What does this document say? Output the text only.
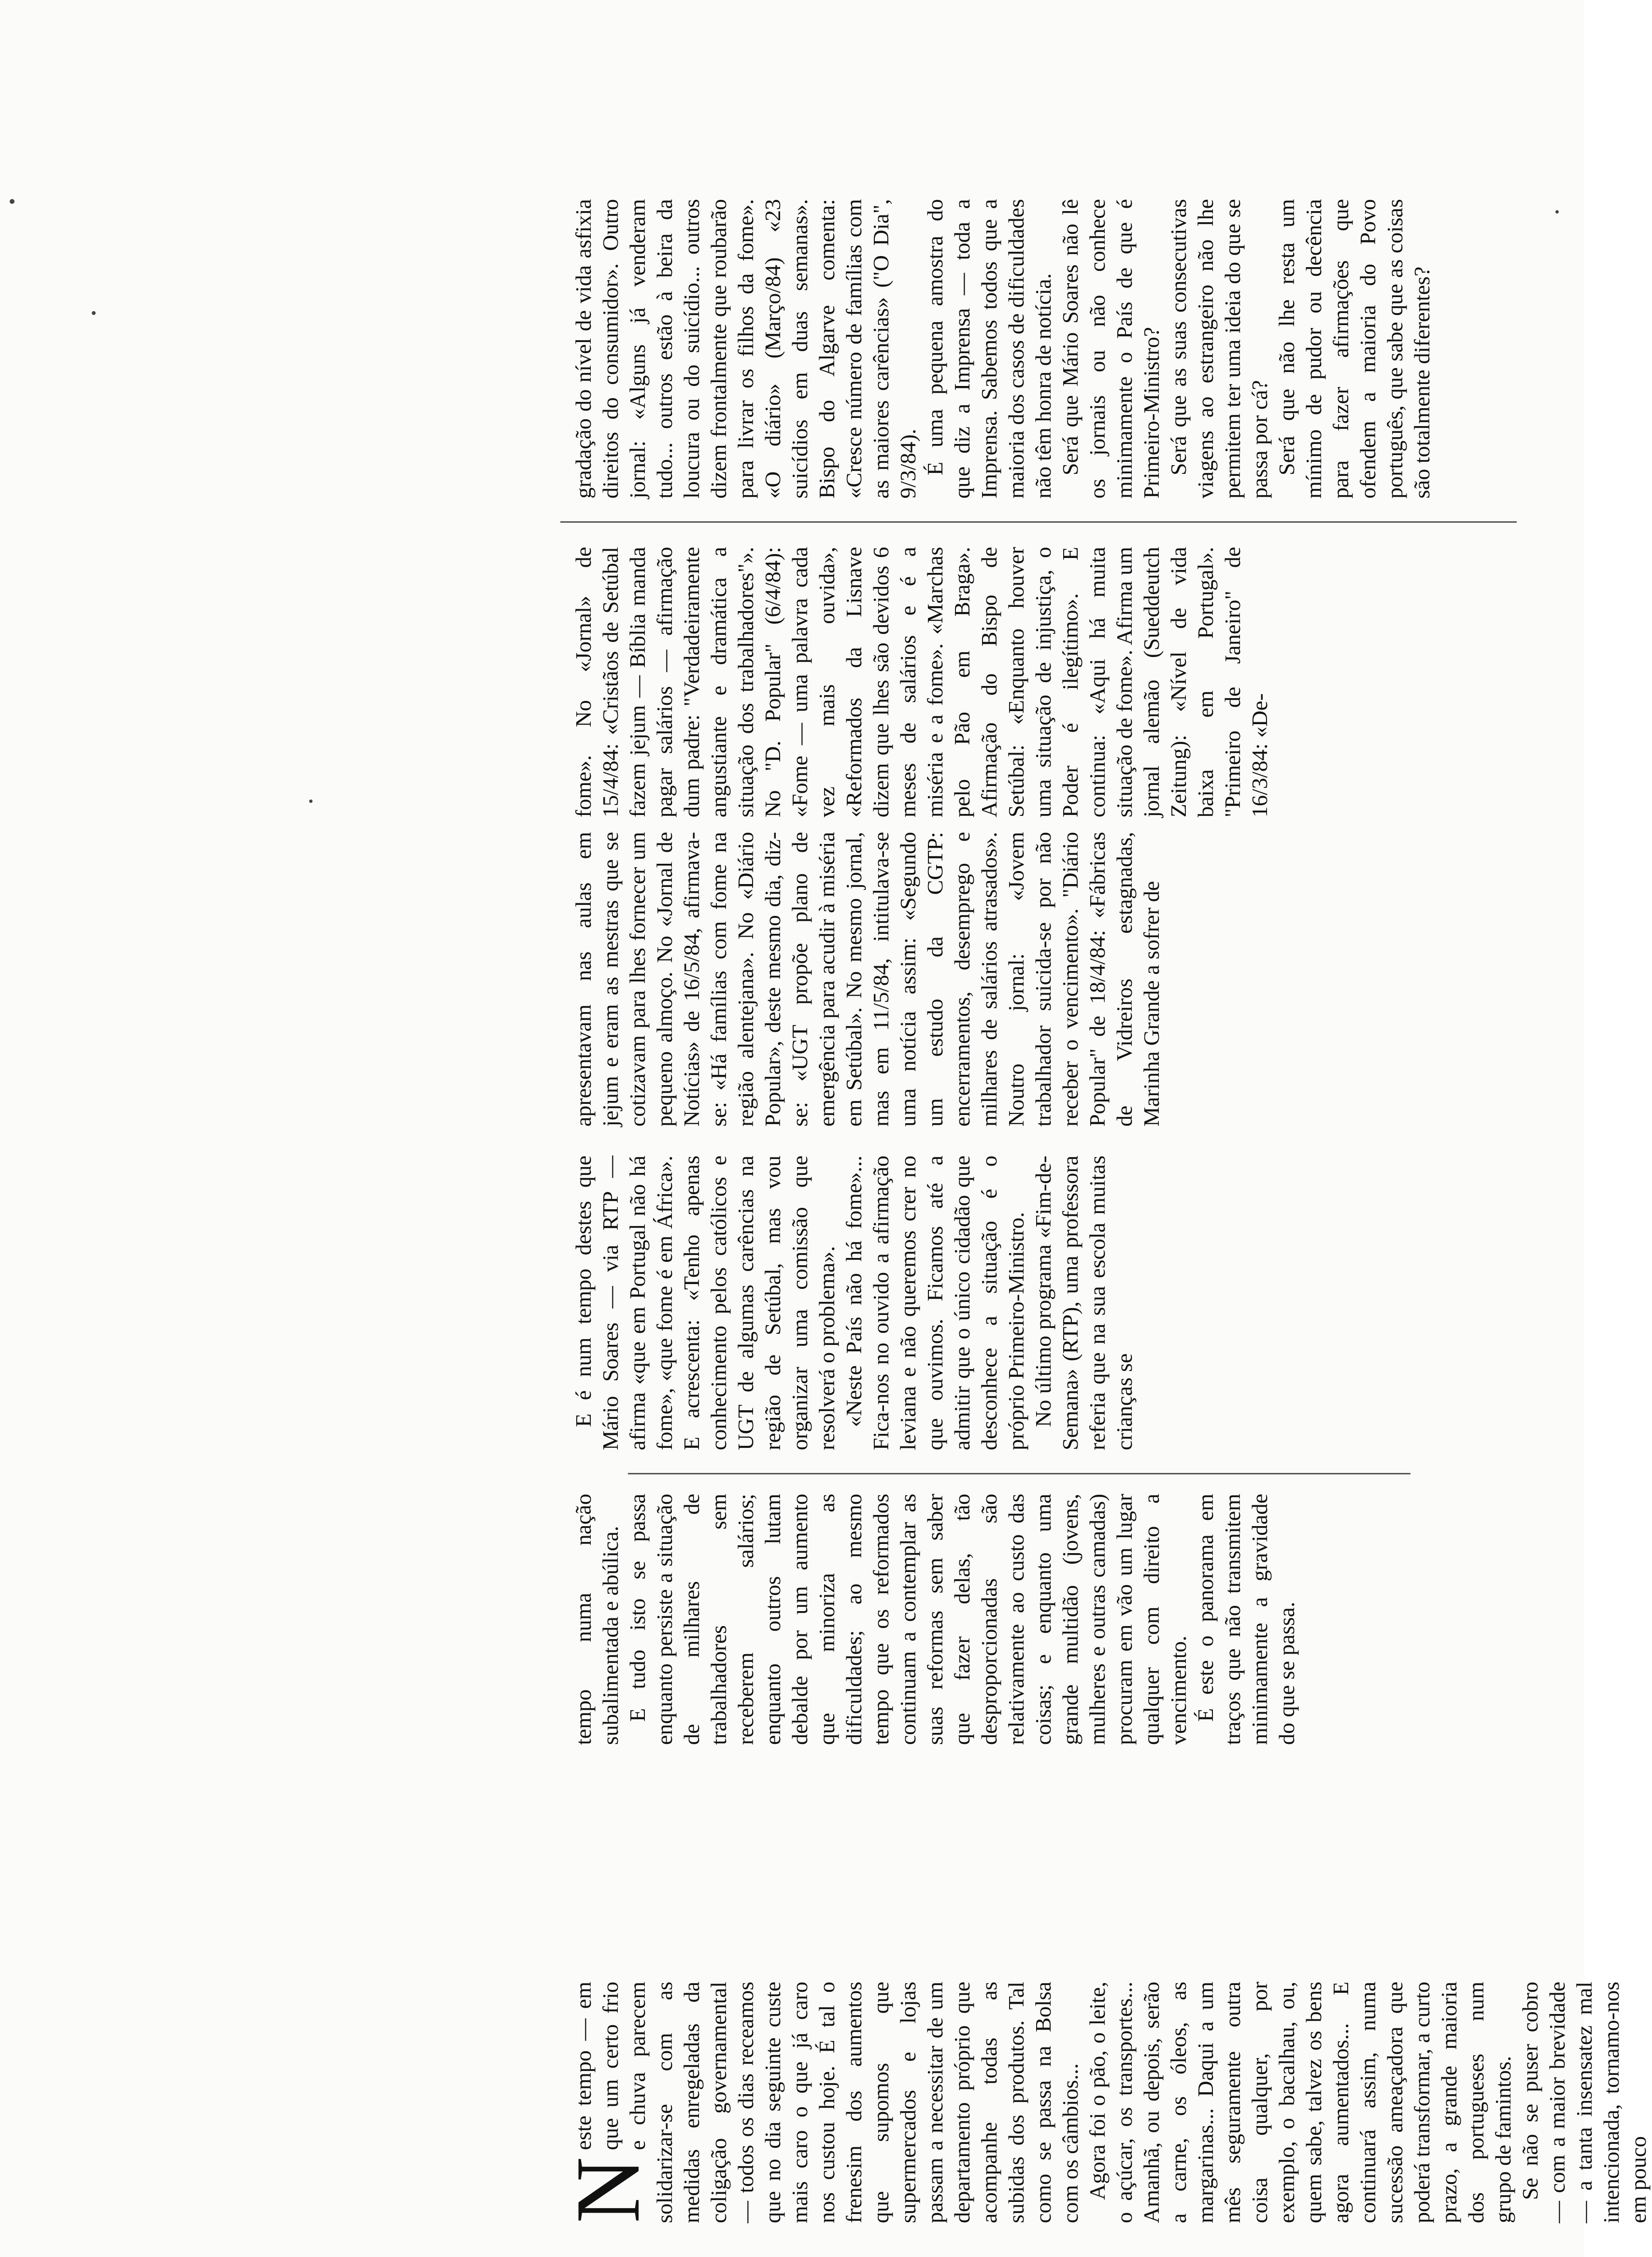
N

este tempo — em que um certo frio e chuva parecem solidarizar-se com as medidas enregeladas da coligação governamental — todos os dias receamos que no dia seguinte custe mais caro o que já caro nos custou hoje. É tal o frenesim dos aumentos que supomos que supermercados e lojas passam a necessitar de um departamento próprio que acompanhe todas as subidas dos produtos. Tal como se passa na Bolsa com os câmbios... Agora foi o pão, o leite, o açúcar, os transportes... Amanhã, ou depois, serão a carne, os óleos, as margarinas... Daqui a um mês seguramente outra coisa qualquer, por exemplo, o bacalhau, ou, quem sabe, talvez os bens agora aumentados... E continuará assim, numa sucessão ameaçadora que poderá transformar, a curto prazo, a grande maioria dos portugueses num grupo de famintos. Se não se puser cobro — com a maior brevidade — a tanta insensatez mal intencionada, tornamo-nos em pouco

tempo numa nação subalimentada e abúlica. E tudo isto se passa enquanto persiste a situação de milhares de trabalhadores sem receberem salários; enquanto outros lutam debalde por um aumento que minoriza as dificuldades; ao mesmo tempo que os reformados continuam a contemplar as suas reformas sem saber que fazer delas, tão desproporcionadas são relativamente ao custo das coisas; e enquanto uma grande multidão (jovens, mulheres e outras camadas) procuram em vão um lugar qualquer com direito a vencimento. É este o panorama em traços que não transmitem minimamente a gravidade do que se passa.

E é num tempo destes que Mário Soares — via RTP — afirma «que em Portugal não há fome», «que fome é em África». E acrescenta: «Tenho apenas conhecimento pelos católicos e UGT de algumas carências na região de Setúbal, mas vou organizar uma comissão que resolverá o problema». «Neste País não há fome»... Fica-nos no ouvido a afirmação leviana e não queremos crer no que ouvimos. Ficamos até a admitir que o único cidadão que desconhece a situação é o próprio Primeiro-Ministro. No último programa «Fim-de-Semana» (RTP), uma professora referia que na sua escola muitas crianças se

apresentavam nas aulas em jejum e eram as mestras que se cotizavam para lhes fornecer um pequeno almoço. No «Jornal de Notícias» de 16/5/84, afirmava-se: «Há famílias com fome na região alentejana». No «Diário Popular», deste mesmo dia, diz-se: «UGT propõe plano de emergência para acudir à miséria em Setúbal». No mesmo jornal, mas em 11/5/84, intitulava-se uma notícia assim: «Segundo um estudo da CGTP: encerramentos, desemprego e milhares de salários atrasados». Noutro jornal: «Jovem trabalhador suicida-se por não receber o vencimento». "Diário Popular" de 18/4/84: «Fábricas de Vidreiros estagnadas, Marinha Grande a sofrer de

fome». No «Jornal» de 15/4/84: «Cristãos de Setúbal fazem jejum — Bíblia manda pagar salários — afirmação dum padre: "Verdadeiramente angustiante e dramática a situação dos trabalhadores"». No "D. Popular" (6/4/84): «Fome — uma palavra cada vez mais ouvida», «Reformados da Lisnave dizem que lhes são devidos 6 meses de salários e é a miséria e a fome». «Marchas pelo Pão em Braga». Afirmação do Bispo de Setúbal: «Enquanto houver uma situação de injustiça, o Poder é ilegítimo». E continua: «Aqui há muita situação de fome». Afirma um jornal alemão (Sueddeutch Zeitung): «Nível de vida baixa em Portugal». "Primeiro de Janeiro" de 16/3/84: «De-

gradação do nível de vida asfixia direitos do consumidor». Outro jornal: «Alguns já venderam tudo... outros estão à beira da loucura ou do suicídio... outros dizem frontalmente que roubarão para livrar os filhos da fome». «O diário» (Março/84) «23 suicídios em duas semanas». Bispo do Algarve comenta: «Cresce número de famílias com as maiores carências» ("O Dia", 9/3/84). É uma pequena amostra do que diz a Imprensa — toda a Imprensa. Sabemos todos que a maioria dos casos de dificuldades não têm honra de notícia. Será que Mário Soares não lê os jornais ou não conhece minimamente o País de que é Primeiro-Ministro? Será que as suas consecutivas viagens ao estrangeiro não lhe permitem ter uma ideia do que se passa por cá? Será que não lhe resta um mínimo de pudor ou decência para fazer afirmações que ofendem a maioria do Povo português, que sabe que as coisas são totalmente diferentes?
